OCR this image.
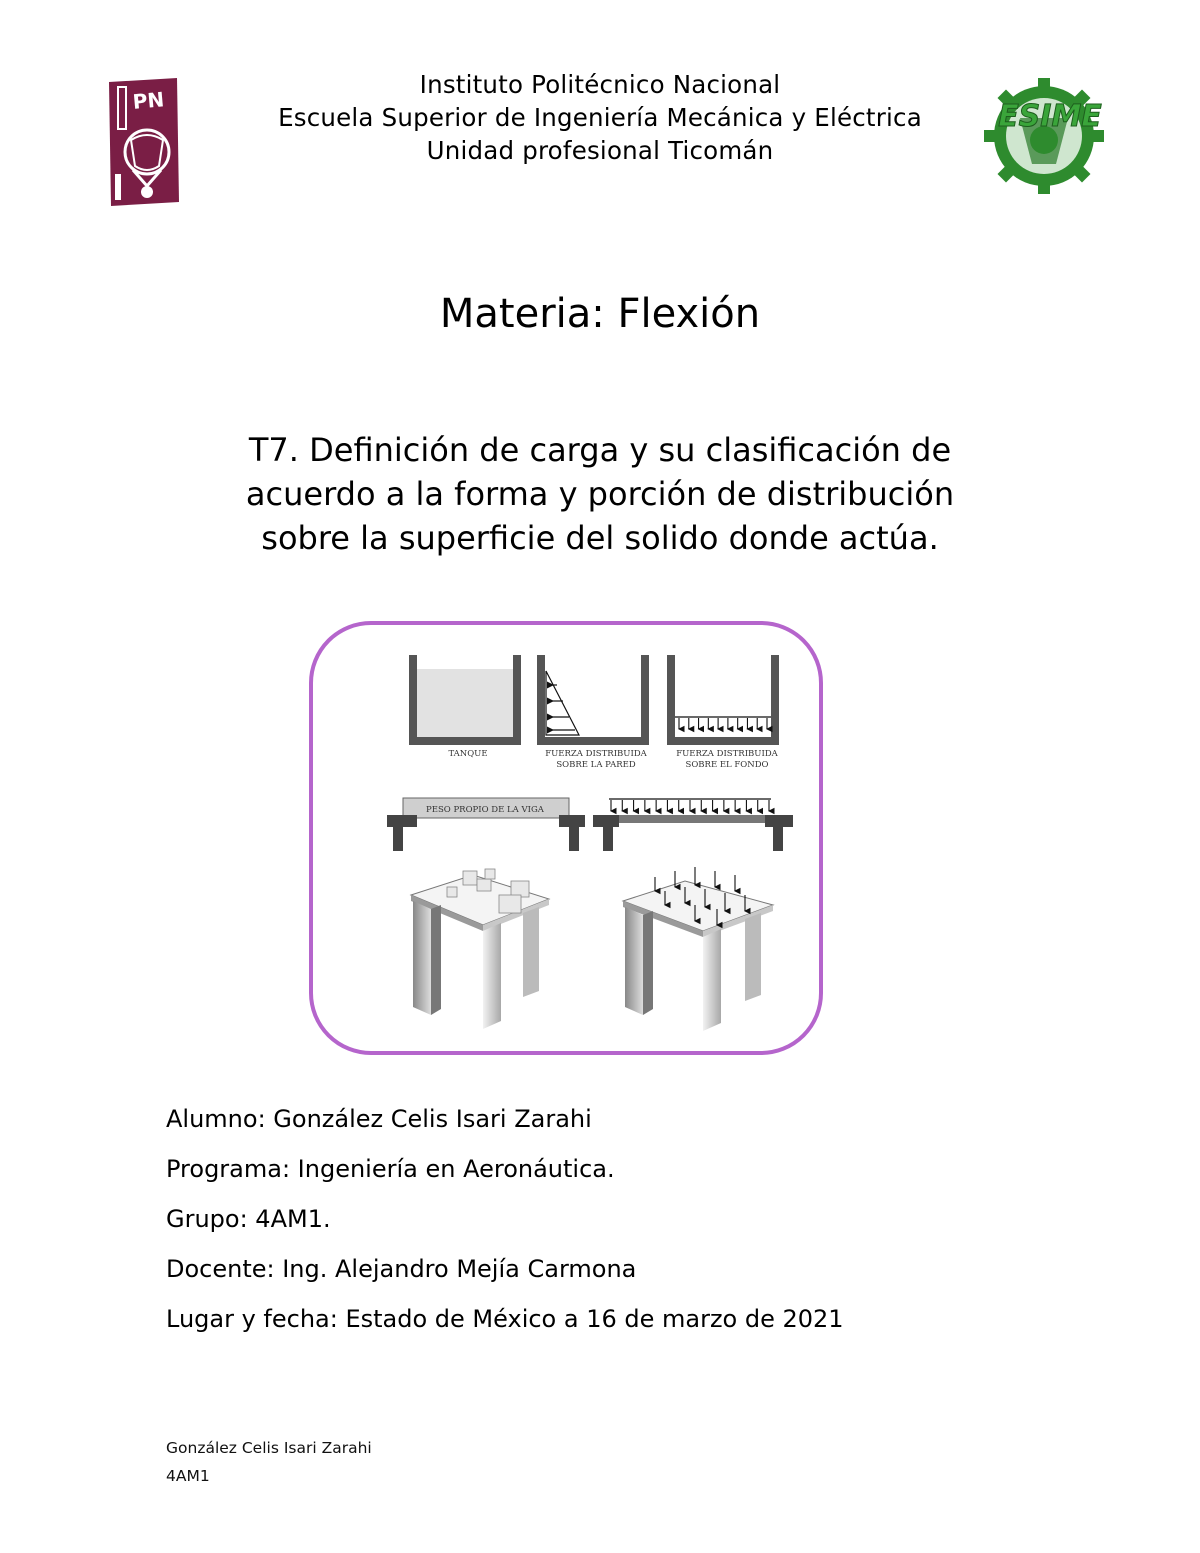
PN
Instituto Politécnico Nacional
Escuela Superior de Ingeniería Mecánica y Eléctrica
Unidad profesional Ticomán
ESIME
Materia: Flexión
T7. Definición de carga y su clasificación de
acuerdo a la forma y porción de distribución
sobre la superficie del solido donde actúa.
TANQUE	FUERZA DISTRIBUIDA
SOBRE LA PARED
FUERZA DISTRIBUIDA
SOBRE EL FONDO
PESO PROPIO DE LA VIGA
Alumno: González Celis Isari Zarahi
Programa: Ingeniería en Aeronáutica.
Grupo: 4AM1.
Docente: Ing. Alejandro Mejía Carmona
Lugar y fecha: Estado de México a 16 de marzo de 2021
González Celis Isari Zarahi
4AM1
